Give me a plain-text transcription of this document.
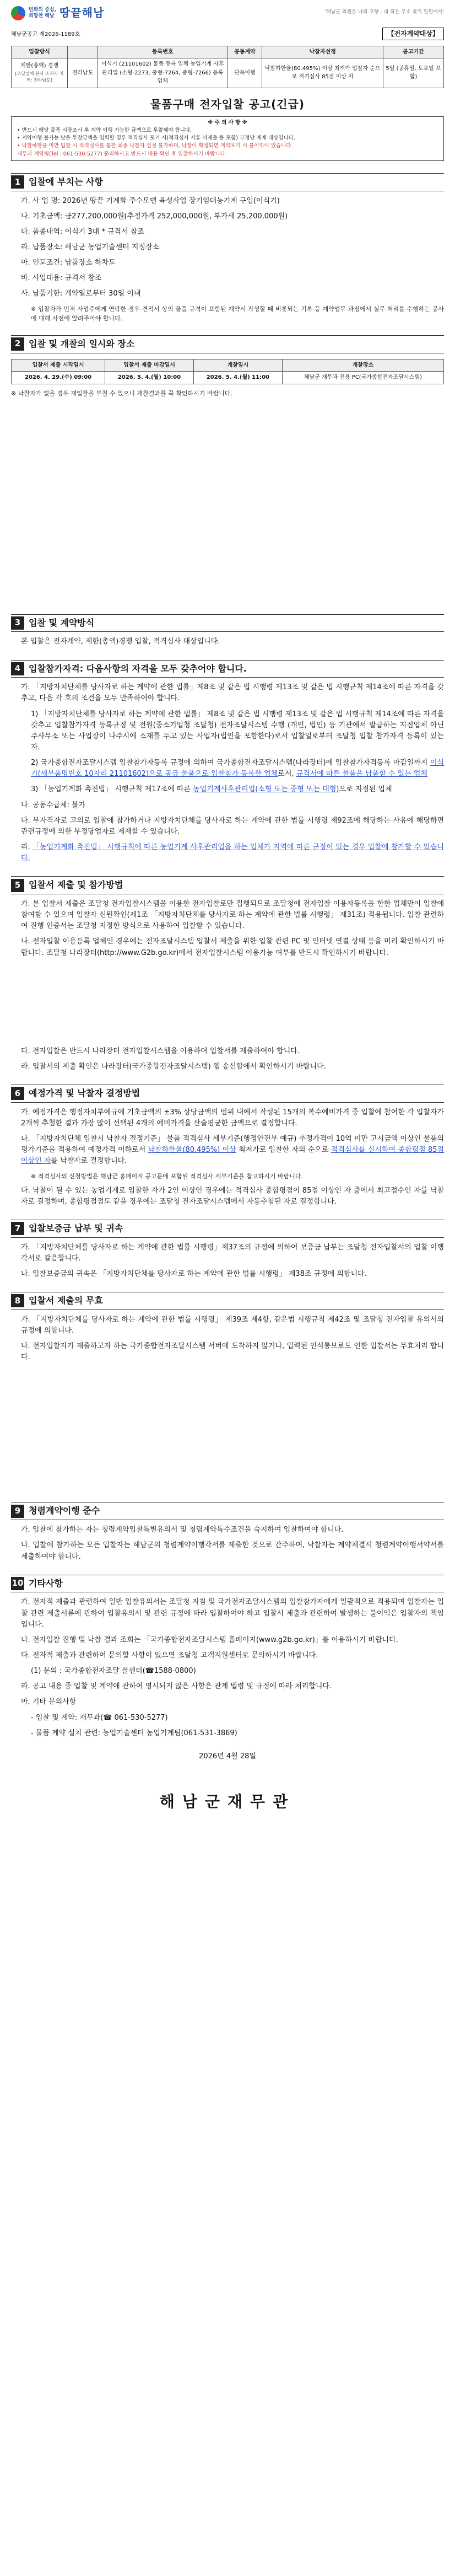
변화의 중심,
희망찬 해남 땅끝해남	'해남군 의원은 나의 고향 - 내 작은 주소 찾기 일원에서'
해남군공고 제2026-1189호	【전자계약대상】
입찰방식		등록번호	공동계약	낙찰자선정	공고기간

제한(총액) 경쟁
[조달업체 본사 소재지 지역: 전라남도]	전라남도	이식기 (21101602) 물품 등록 업체 농업기계 사후관리업 (소형-2273, 중형-7264, 중형-7266) 등록업체	단독이행	낙찰하한율(80.495%) 이상 최저가 입찰자 순으로 적격심사 85점 이상 자	5일 (공휴일, 토요일 포함)
물품구매 전자입찰 공고(긴급)
※ 주 의 사 항 ※
• 반드시 해당 물품 시장조사 후 계약 이행 가능한 금액으로 투찰해야 합니다.
• 계약이행 불가능 낮은 투찰금액을 입력할 경우 적격심사 포기 시(적격심사 서류 미제출 등 포함) 부정당 제재 대상입니다.
• 낙찰하한율 미만 입찰 시 적격심사를 통한 최종 낙찰자 선정 불가하며, 낙찰이 확정되면 계약포기 시 불이익이 있습니다.
재무과 계약팀(Tel : 061-530-5277) 문의하시고 반드시 내용 확인 후 입찰하시기 바랍니다.
1 입찰에 부치는 사항
가. 사 업 명: 2026년 땅끝 기계화 주수모델 육성사업 장기임대농기계 구입(이식기)
나. 기초금액: 금277,200,000원(추정가격 252,000,000원, 부가세 25,200,000원)
다. 품종내역: 이식기 3대 * 규격서 참조
라. 납품장소: 해남군 농업기술센터 지정장소
마. 인도조건: 납품장소 하차도
바. 사업대용: 규격서 참조
사. 납품기한: 계약일로부터 30일 이내
※ 입찰자가 먼저 사업주에게 연락한 경우 견적서 상의 물품 규격이 포함된 계약서 작성할 때 비롯되는 기록 등 계약업무 과정에서 실무 처리를 수행하는 공사에 대해 사전에 알려주어야 합니다.
2 입찰 및 개찰의 일시와 장소
입찰서 제출 시작일시	입찰서 제출 마감일시	개찰일시	개찰장소
2026. 4. 29.(수) 09:00	2026. 5. 4.(월) 10:00	2026. 5. 4.(월) 11:00	해남군 재무과 전용 PC(국가종합전자조달시스템)
※ 낙찰자가 없을 경우 재입찰을 부칠 수 있으니 개찰결과를 꼭 확인하시기 바랍니다.
3 입찰 및 계약방식
본 입찰은 전자계약, 제한(총액)경쟁 입찰, 적격심사 대상입니다.
4 입찰참가자격: 다음사항의 자격을 모두 갖추어야 합니다.
가. 「지방자치단체를 당사자로 하는 계약에 관한 법률」제8조 및 같은 법 시행령 제13조 및 같은 법 시행규칙 제14조에 따른 자격을 갖추고, 다음 각 호의 조건을 모두 만족하여야 합니다.
1) 「지방자치단체를 당사자로 하는 계약에 관한 법률」 제8조 및 같은 법 시행령 제13조 및 같은 법 시행규칙 제14조에 따른 자격을 갖추고 입찰참가자격 등록규정 및 전원(중소기업청 조달청) 전자조달시스템 수행 (개인, 법인) 등 기관에서 발급하는 지점업체 아닌 주사무소 또는 사업장이 나주시에 소재를 두고 있는 사업자(법인을 포함한다)로서 입찰일로부터 조달청 입찰 참가자격 등록이 있는 자.
2) 국가종합전자조달시스템 입찰참가자등록 규정에 의하여 국가종합전자조달시스템(나라장터)에 입찰참가자격등록 마감일까지 이식기(세부품명번호 10자리 21101602)으로 공급 물품으로 입찰참가 등록한 업체로서, 규격서에 따른 물품을 납품할 수 있는 업체
3) 「농업기계화 촉진법」 시행규칙 제17조에 따른 농업기계사후관리업(소형 또는 중형 또는 대형)으로 지정된 업체
나. 공동수급체: 불가
다. 부자격자로 고의로 입찰에 참가하거나 지방자치단체를 당사자로 하는 계약에 관한 법률 시행령 제92조에 해당하는 사유에 해당하면 관련규정에 의한 부정당업자로 제재할 수 있습니다.
라. 「농업기계화 촉진법」 시행규칙에 따른 농업기계 사후관리업을 하는 업체가 지역에 따른 규정이 있는 경우 입찰에 참가할 수 있습니다.
5 입찰서 제출 및 참가방법
가. 본 입찰서 제출은 조달청 전자입찰시스템을 이용한 전자입찰로만 집행되므로 조달청에 전자입찰 이용자등록을 한한 업체만이 입찰에 참여할 수 있으며 입찰자 신원확인(제1조 「지방자치단체를 당사자로 하는 계약에 관한 법률 시행령」 제31조) 적용됩니다. 입찰 관련하여 진행 인증서는 조달청 지정한 방식으로 사용하여 입찰할 수 있습니다.
나. 전자입찰 이용등록 업체인 경우에는 전자조달시스템 입찰서 제출을 위한 입찰 관련 PC 및 인터넷 연결 상태 등을 미리 확인하시기 바랍니다. 조달청 나라장터(http://www.G2b.go.kr)에서 전자입찰시스템 이용가능 여부를 반드시 확인하시기 바랍니다.
다. 전자입찰은 반드시 나라장터 전자입찰시스템을 이용하여 입찰서를 제출하여야 합니다.
라. 입찰서의 제출 확인은 나라장터(국가종합전자조달시스템) 웹 송신함에서 확인하시기 바랍니다.
6 예정가격 및 낙찰자 결정방법
가. 예정가격은 행정자치부예규에 기초금액의 ±3% 상당금액의 범위 내에서 작성된 15개의 복수예비가격 중 입찰에 참여한 각 입찰자가 2개씩 추첨한 결과 가장 많이 선택된 4개의 예비가격을 산술평균한 금액으로 결정합니다.
나. 「지방자치단체 입찰시 낙찰자 결정기준」 물품 적격심사 세부기준(행정안전부 예규) 추정가격이 10억 미만 고시금액 이상인 물품의 평가기준을 적용하여 예정가격 이하로서 낙찰하한율(80.495%) 이상 최저가로 입찰한 자의 순으로 적격심사를 실시하여 종합평점 85점 이상인 자를 낙찰자로 결정합니다.
※ 적격심사의 신청방법은 해남군 홈페이지 공고문에 포함된 적격심사 세부기준을 참고하시기 바랍니다.
다. 낙찰이 될 수 있는 농업기계로 입찰한 자가 2인 이상인 경우에는 적격심사 종합평점이 85점 이상인 자 중에서 최고점수인 자를 낙찰자로 결정하며, 종합평점점도 같을 경우에는 조달청 전자조달시스템에서 자동추첨된 자로 결정합니다.
7 입찰보증금 납부 및 귀속
가. 「지방자치단체를 당사자로 하는 계약에 관한 법률 시행령」제37조의 규정에 의하여 보증금 납부는 조달청 전자입찰서의 입찰 이행각서로 갈음합니다.
나. 입찰보증금의 귀속은 「지방자치단체를 당사자로 하는 계약에 관한 법률 시행령」 제38조 규정에 의합니다.
8 입찰서 제출의 무효
가. 「지방자치단체를 당사자로 하는 계약에 관한 법률 시행령」 제39조 제4항, 같은법 시행규칙 제42조 및 조달청 전자입찰 유의서의 규정에 의합니다.
나. 전자입찰자가 제출하고자 하는 국가종합전자조달시스템 서버에 도착하지 않거나, 입력된 인식통보로도 인한 입찰서는 무효처리 합니다.
9 청렴계약이행 준수
가. 입찰에 참가하는 자는 청렴계약입찰특별유의서 및 청렴계약특수조건을 숙지하여 입찰하여야 합니다.
나. 입찰에 참가하는 모든 입찰자는 해남군의 청렴계약이행각서를 제출한 것으로 간주하며, 낙찰자는 계약체결시 청렴계약이행서약서를 제출하여야 합니다.
10 기타사항
가. 전자적 제출과 관련하여 일반 입찰유의서는 조달청 지침 및 국가전자조달시스템의 입찰참가자에게 일괄적으로 적용되며 입찰자는 입찰 관련 제출서류에 관하여 입찰유의서 및 관련 규정에 따라 입찰하여야 하고 입찰서 제출과 관련하여 발생하는 불이익은 입찰자의 책임입니다.
나. 전자입찰 진행 및 낙찰 결과 조회는 「국가종합전자조달시스템 홈페이지(www.g2b.go.kr)」를 이용하시기 바랍니다.
다. 전자적 제출과 관련하여 문의할 사항이 있으면 조달청 고객지원센터로 문의하시기 바랍니다.
(1) 문의 : 국가종합전자조달 콜센터(☎1588-0800)
라. 공고 내용 중 입찰 및 계약에 관하여 명시되지 않은 사항은 관계 법령 및 규정에 따라 처리합니다.
마. 기타 문의사항
- 입찰 및 계약: 재무과(☎ 061-530-5277)
- 물품 계약 설치 관련: 농업기술센터 농업기계팀(061-531-3869)
2026년 4월 28일
해남군재무관
